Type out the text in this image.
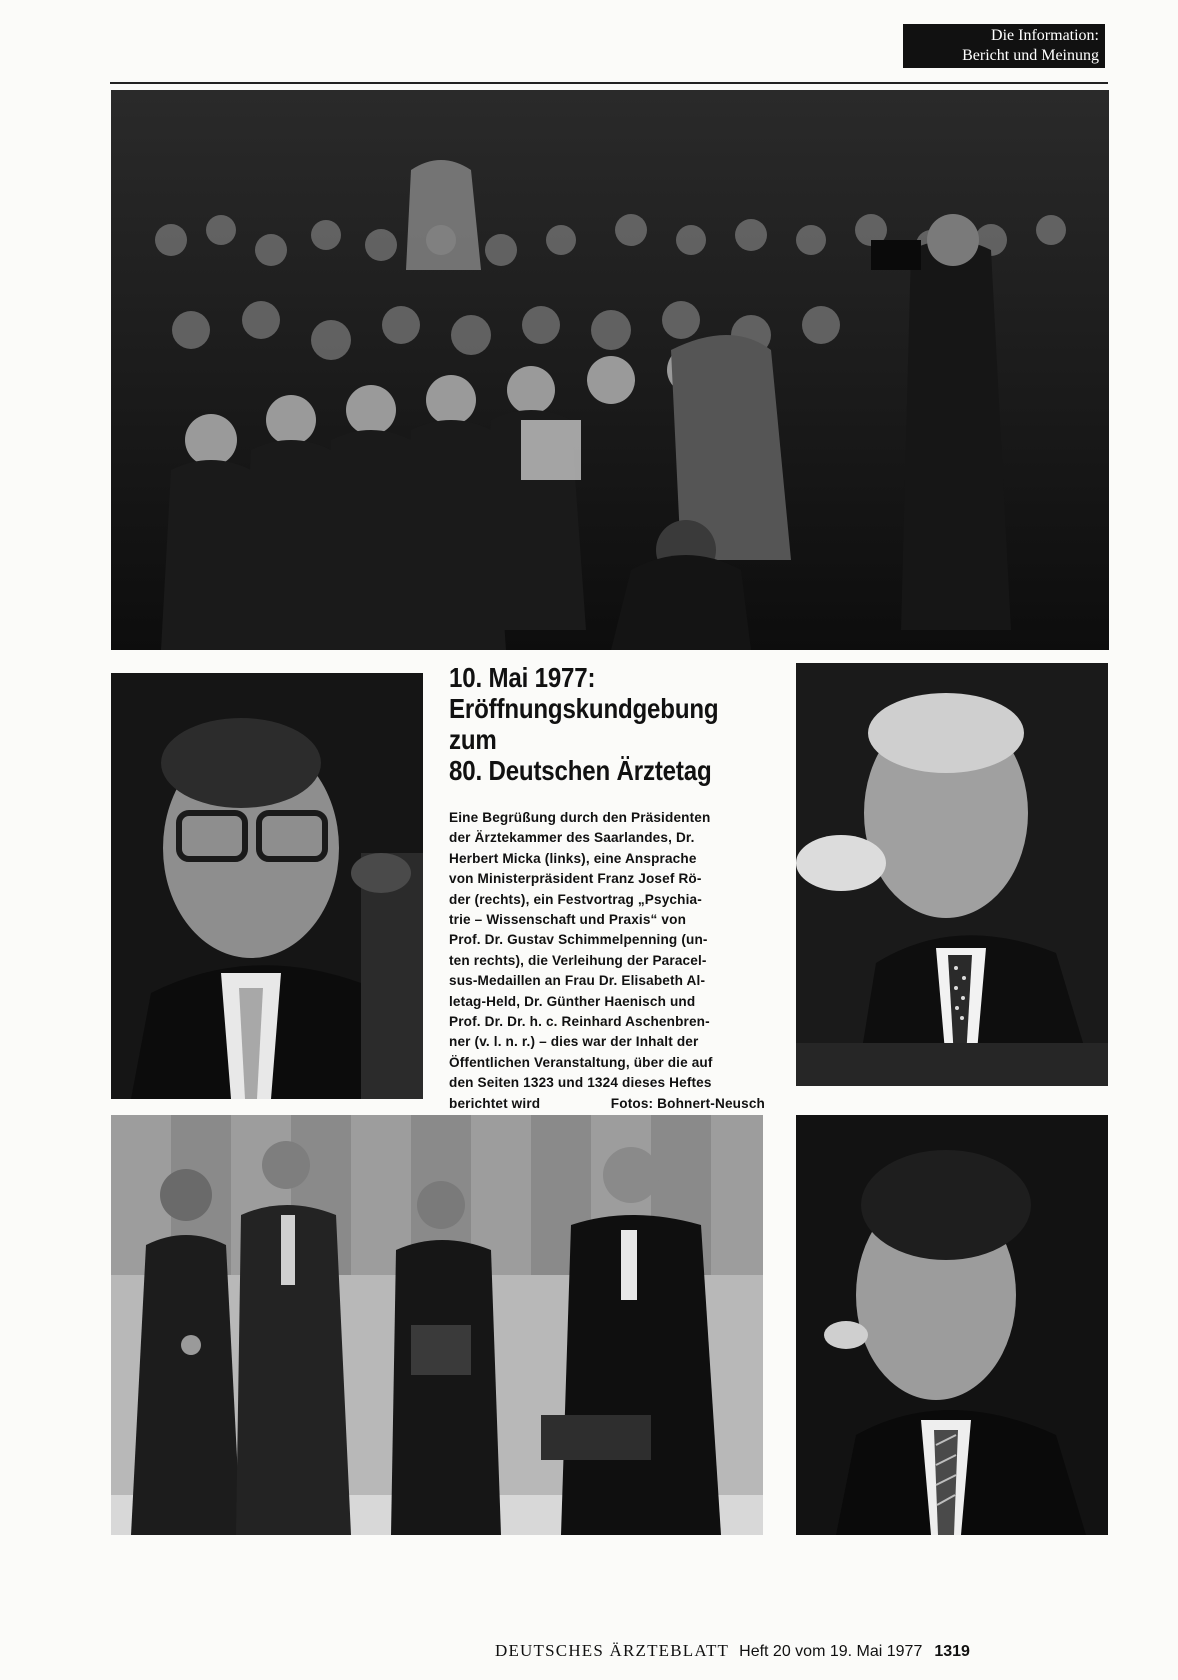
Die Information:
Bericht und Meinung
10. Mai 1977:
Eröffnungskundgebung
zum
80. Deutschen Ärztetag
Eine Begrüßung durch den Präsidenten
der Ärztekammer des Saarlandes, Dr.
Herbert Micka (links), eine Ansprache
von Ministerpräsident Franz Josef Rö-
der (rechts), ein Festvortrag „Psychia-
trie – Wissenschaft und Praxis“ von
Prof. Dr. Gustav Schimmelpenning (un-
ten rechts), die Verleihung der Paracel-
sus-Medaillen an Frau Dr. Elisabeth Al-
letag-Held, Dr. Günther Haenisch und
Prof. Dr. Dr. h. c. Reinhard Aschenbren-
ner (v. l. n. r.) – dies war der Inhalt der
Öffentlichen Veranstaltung, über die auf
den Seiten 1323 und 1324 dieses Heftes
berichtet wird	Fotos: Bohnert-Neusch
DEUTSCHES ÄRZTEBLATT Heft 20 vom 19. Mai 1977 1319
